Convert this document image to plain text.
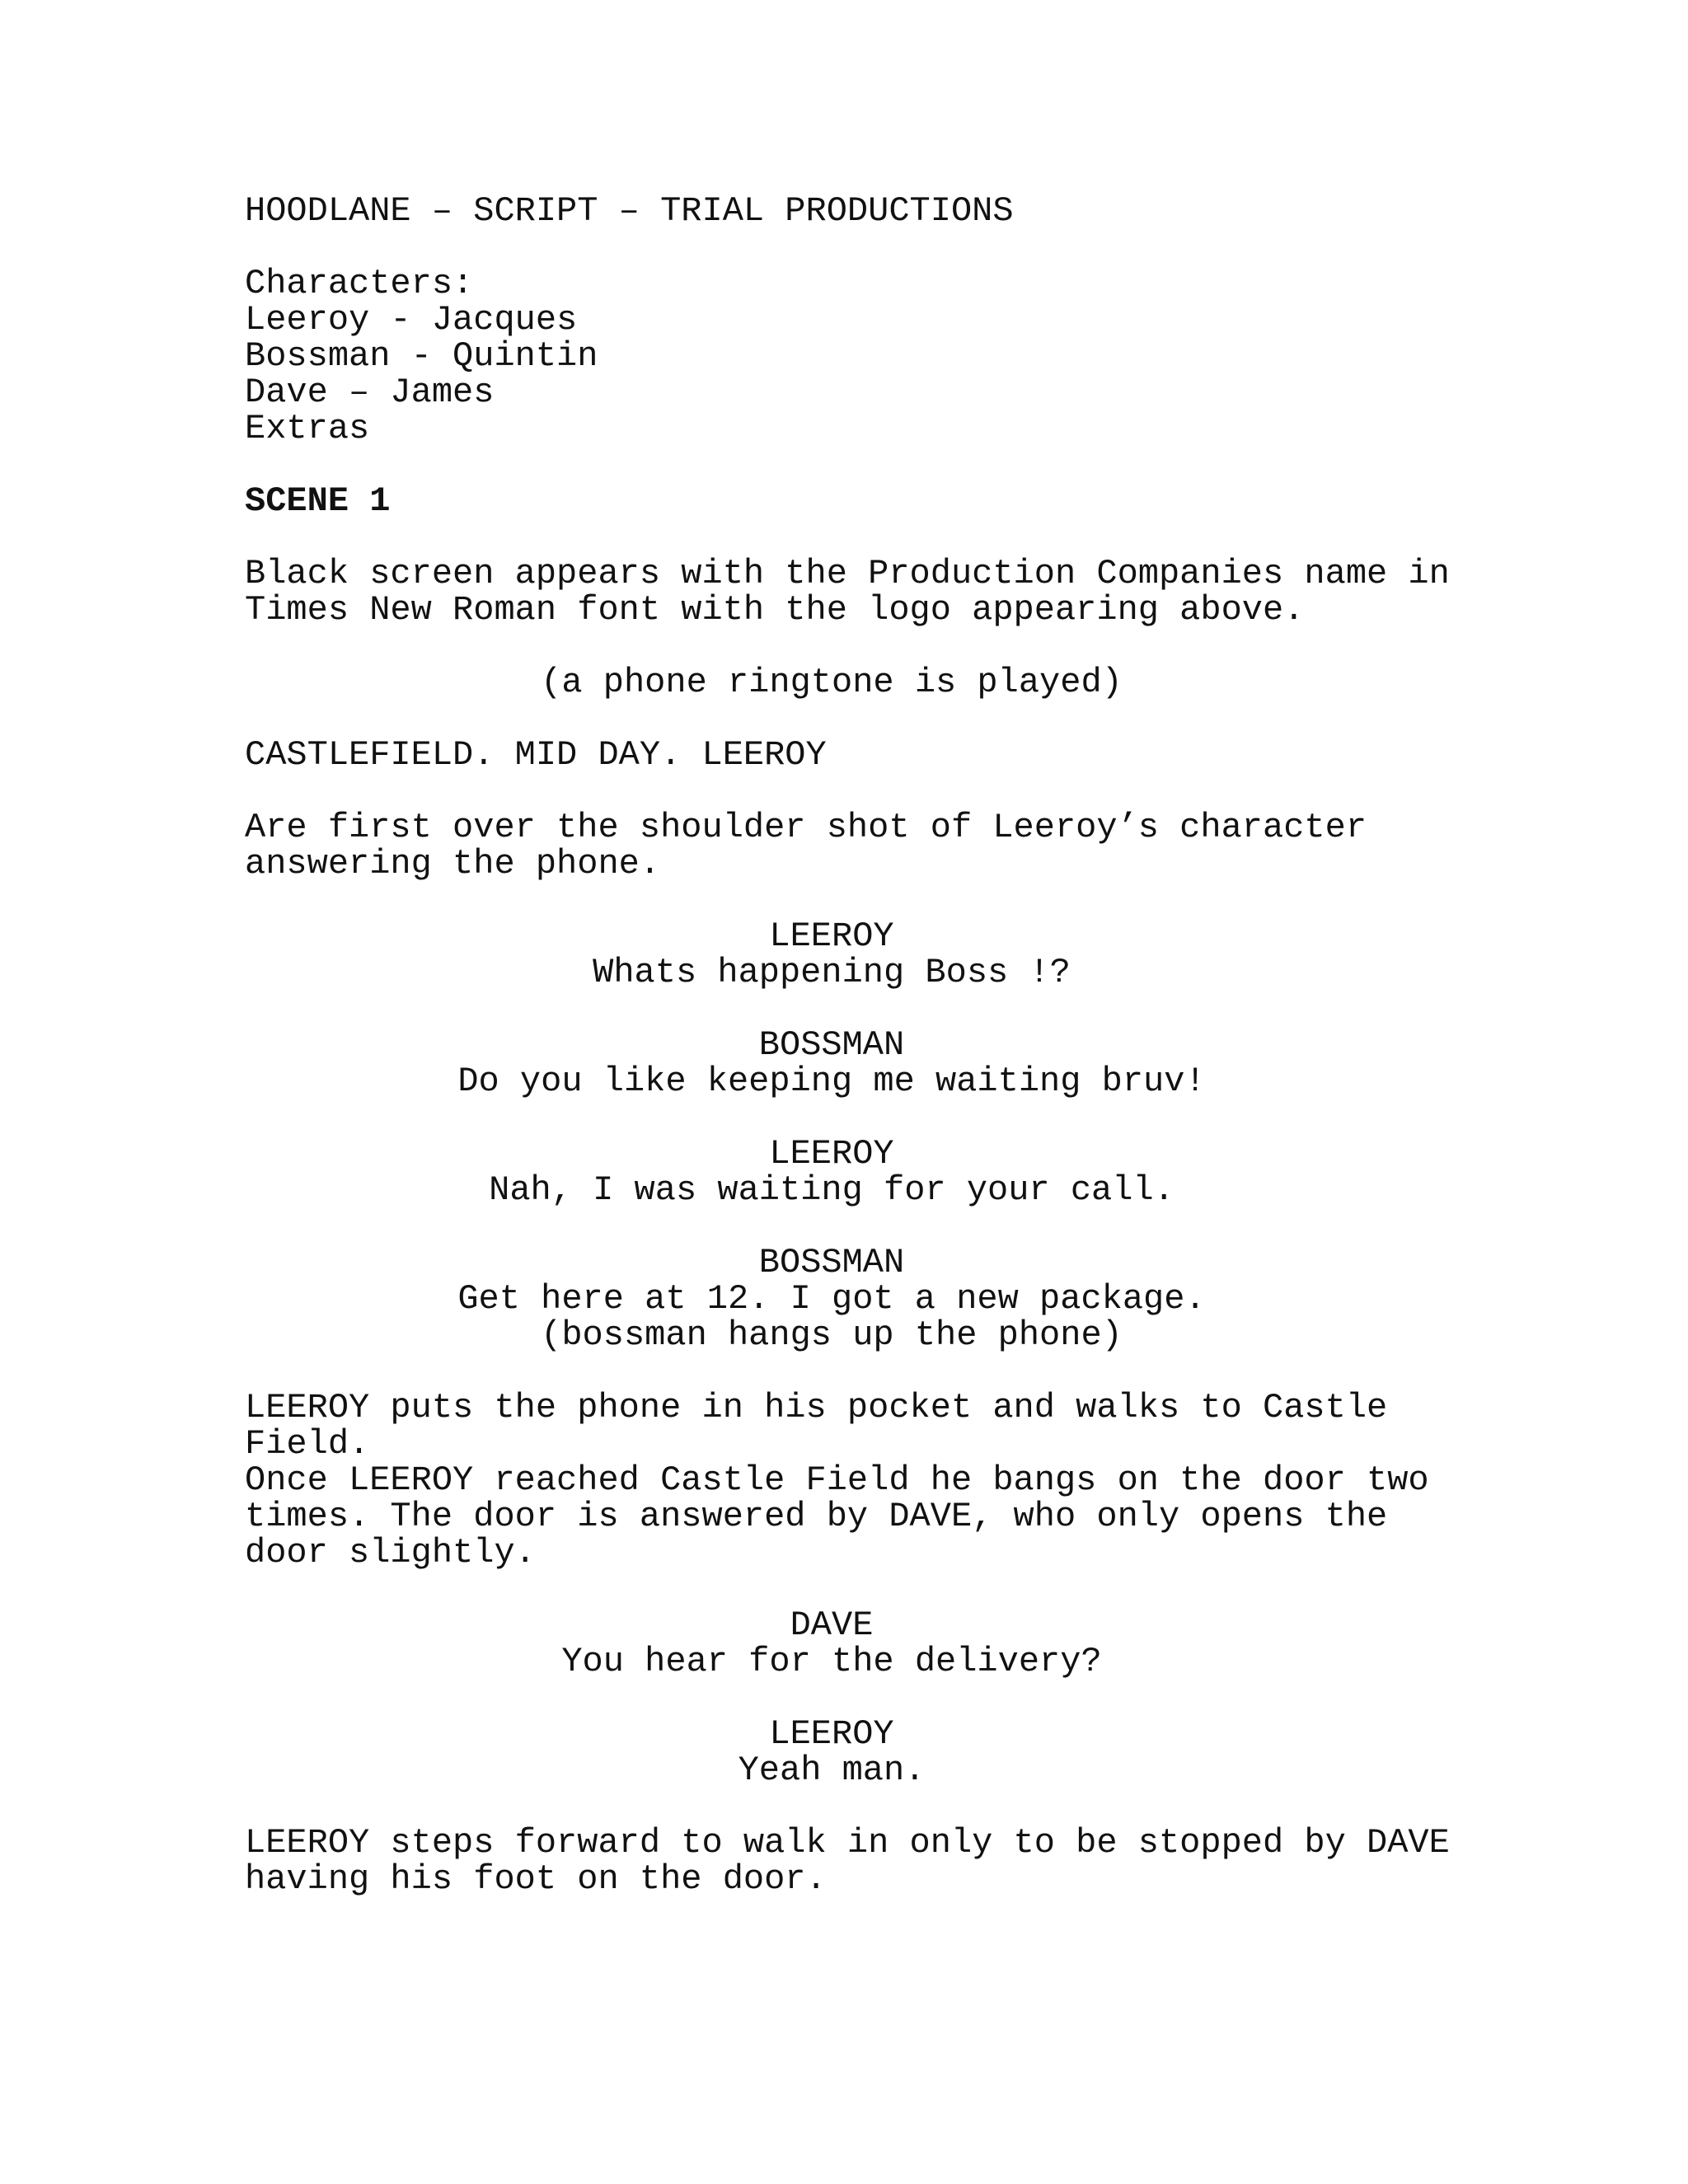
HOODLANE – SCRIPT – TRIAL PRODUCTIONS
Characters:
Leeroy - Jacques
Bossman - Quintin
Dave – James
Extras
SCENE 1
Black screen appears with the Production Companies name in
Times New Roman font with the logo appearing above.
(a phone ringtone is played)
CASTLEFIELD. MID DAY. LEEROY
Are first over the shoulder shot of Leeroy’s character
answering the phone.
LEEROY
Whats happening Boss !?
BOSSMAN
Do you like keeping me waiting bruv!
LEEROY
Nah, I was waiting for your call.
BOSSMAN
Get here at 12. I got a new package.
(bossman hangs up the phone)
LEEROY puts the phone in his pocket and walks to Castle
Field.
Once LEEROY reached Castle Field he bangs on the door two
times. The door is answered by DAVE, who only opens the
door slightly.
DAVE
You hear for the delivery?
LEEROY
Yeah man.
LEEROY steps forward to walk in only to be stopped by DAVE
having his foot on the door.
